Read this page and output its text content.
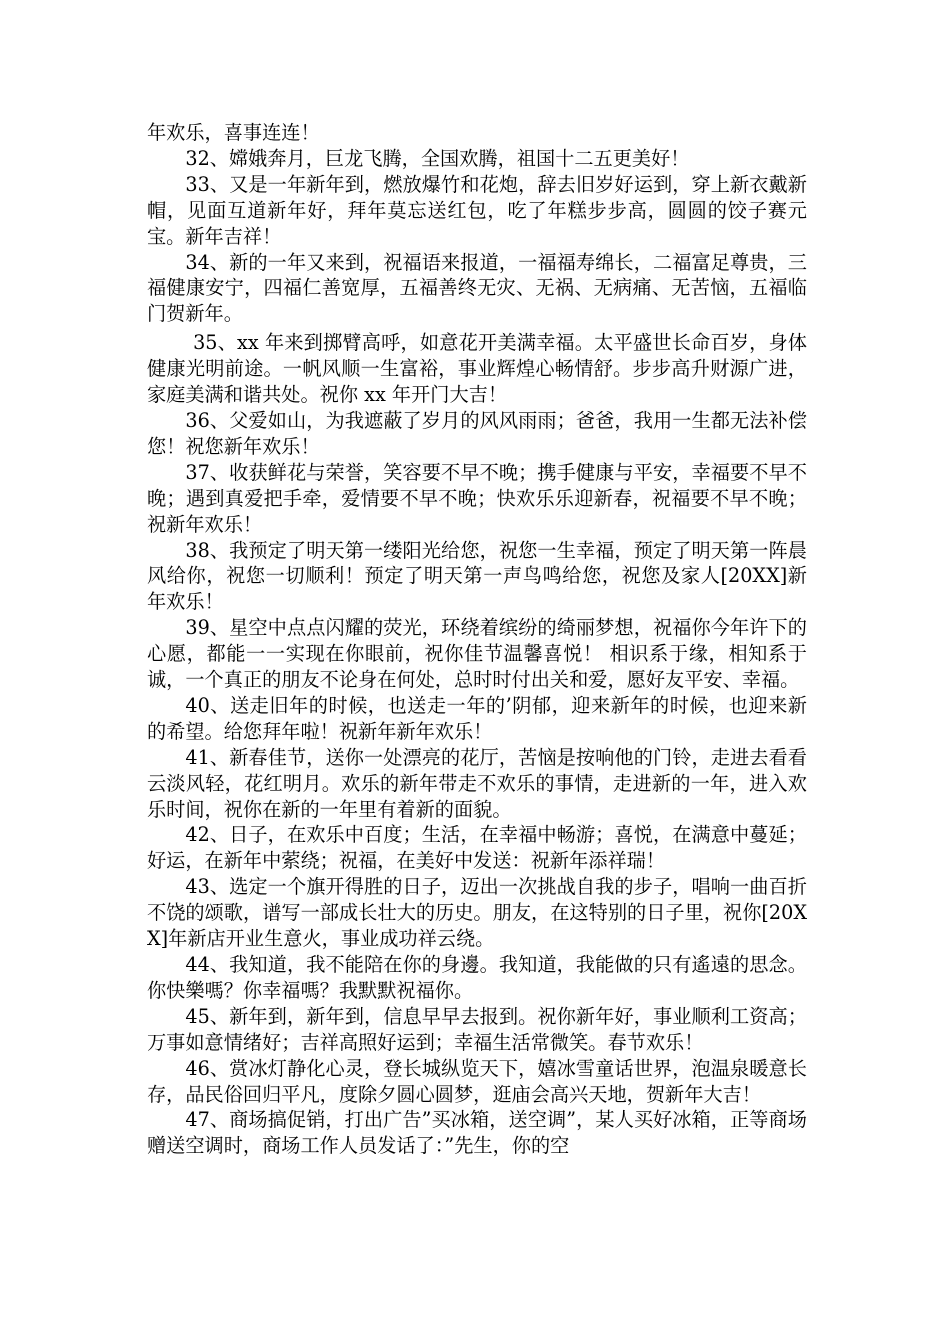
年欢乐，喜事连连！

32、嫦娥奔月，巨龙飞腾，全国欢腾，祖国十二五更美好！

33、又是一年新年到，燃放爆竹和花炮，辞去旧岁好运到，穿上新衣戴新帽，见面互道新年好，拜年莫忘送红包，吃了年糕步步高，圆圆的饺子赛元宝。新年吉祥！

34、新的一年又来到，祝福语来报道，一福福寿绵长，二福富足尊贵，三福健康安宁，四福仁善宽厚，五福善终无灾、无祸、无病痛、无苦恼，五福临门贺新年。

35、xx 年来到掷臂高呼，如意花开美满幸福。太平盛世长命百岁，身体健康光明前途。一帆风顺一生富裕，事业辉煌心畅情舒。步步高升财源广进，家庭美满和谐共处。祝你 xx 年开门大吉！

36、父爱如山，为我遮蔽了岁月的风风雨雨；爸爸，我用一生都无法补偿您！祝您新年欢乐！

37、收获鲜花与荣誉，笑容要不早不晚；携手健康与平安，幸福要不早不晚；遇到真爱把手牵，爱情要不早不晚；快欢乐乐迎新春，祝福要不早不晚；祝新年欢乐！

38、我预定了明天第一缕阳光给您，祝您一生幸福，预定了明天第一阵晨风给你，祝您一切顺利！预定了明天第一声鸟鸣给您，祝您及家人[20XX]新年欢乐！

39、星空中点点闪耀的荧光，环绕着缤纷的绮丽梦想，祝福你今年许下的心愿，都能一一实现在你眼前，祝你佳节温馨喜悦！ 相识系于缘，相知系于诚，一个真正的朋友不论身在何处，总时时付出关和爱，愿好友平安、幸福。

40、送走旧年的时候，也送走一年的’阴郁，迎来新年的时候，也迎来新的希望。给您拜年啦！祝新年新年欢乐！

41、新春佳节，送你一处漂亮的花厅，苦恼是按响他的门铃，走进去看看云淡风轻，花红明月。欢乐的新年带走不欢乐的事情，走进新的一年，进入欢乐时间，祝你在新的一年里有着新的面貌。

42、日子，在欢乐中百度；生活，在幸福中畅游；喜悦，在满意中蔓延；好运，在新年中萦绕；祝福，在美好中发送：祝新年添祥瑞！

43、选定一个旗开得胜的日子，迈出一次挑战自我的步子，唱响一曲百折不饶的颂歌，谱写一部成长壮大的历史。朋友，在这特别的日子里，祝你[20XX]年新店开业生意火，事业成功祥云绕。

44、我知道，我不能陪在你的身邊。我知道，我能做的只有遙遠的思念。你快樂嗎？你幸福嗎？我默默祝福你。

45、新年到，新年到，信息早早去报到。祝你新年好，事业顺利工资高；万事如意情绪好；吉祥高照好运到；幸福生活常微笑。春节欢乐！

46、赏冰灯静化心灵，登长城纵览天下，嬉冰雪童话世界，泡温泉暖意长存，品民俗回归平凡，度除夕圆心圆梦，逛庙会高兴天地，贺新年大吉！

47、商场搞促销，打出广告”买冰箱，送空调”，某人买好冰箱，正等商场赠送空调时，商场工作人员发话了：”先生，你的空
